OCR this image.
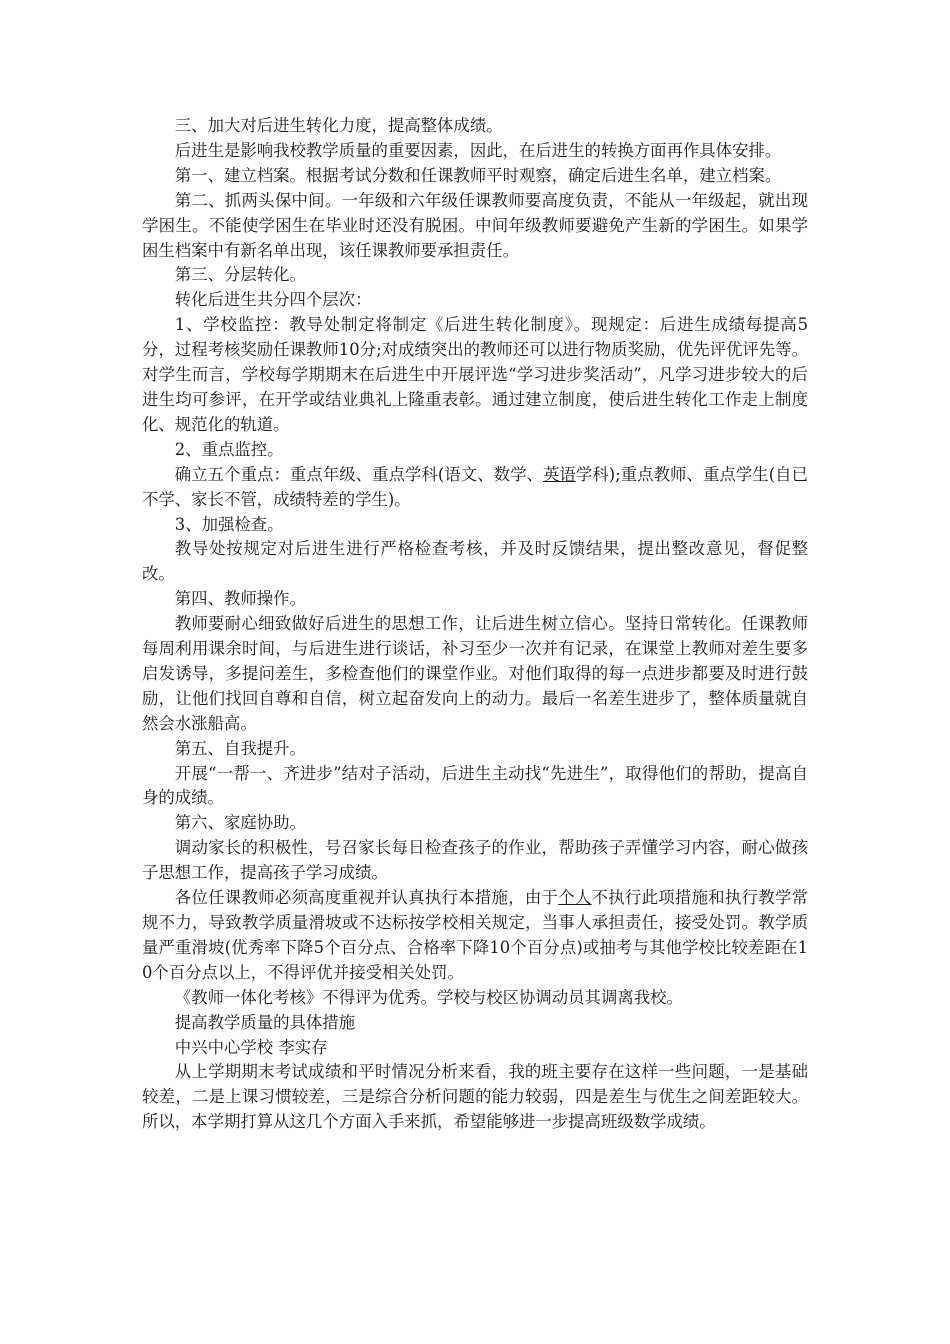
三、加大对后进生转化力度，提高整体成绩。

后进生是影响我校教学质量的重要因素，因此，在后进生的转换方面再作具体安排。

第一、建立档案。根据考试分数和任课教师平时观察，确定后进生名单，建立档案。

第二、抓两头保中间。一年级和六年级任课教师要高度负责，不能从一年级起，就出现学困生。不能使学困生在毕业时还没有脱困。中间年级教师要避免产生新的学困生。如果学困生档案中有新名单出现，该任课教师要承担责任。

第三、分层转化。

转化后进生共分四个层次：

1、学校监控：教导处制定将制定《后进生转化制度》。现规定：后进生成绩每提高5分，过程考核奖励任课教师10分;对成绩突出的教师还可以进行物质奖励，优先评优评先等。对学生而言，学校每学期期末在后进生中开展评选“学习进步奖活动”，凡学习进步较大的后进生均可参评，在开学或结业典礼上隆重表彰。通过建立制度，使后进生转化工作走上制度化、规范化的轨道。

2、重点监控。

确立五个重点：重点年级、重点学科(语文、数学、英语学科);重点教师、重点学生(自已不学、家长不管，成绩特差的学生)。

3、加强检查。

教导处按规定对后进生进行严格检查考核，并及时反馈结果，提出整改意见，督促整改。

第四、教师操作。

教师要耐心细致做好后进生的思想工作，让后进生树立信心。坚持日常转化。任课教师每周利用课余时间，与后进生进行谈话，补习至少一次并有记录，在课堂上教师对差生要多启发诱导，多提问差生，多检查他们的课堂作业。对他们取得的每一点进步都要及时进行鼓励，让他们找回自尊和自信，树立起奋发向上的动力。最后一名差生进步了，整体质量就自然会水涨船高。

第五、自我提升。

开展“一帮一、齐进步”结对子活动，后进生主动找“先进生”，取得他们的帮助，提高自身的成绩。

第六、家庭协助。

调动家长的积极性，号召家长每日检查孩子的作业，帮助孩子弄懂学习内容，耐心做孩子思想工作，提高孩子学习成绩。

各位任课教师必须高度重视并认真执行本措施，由于个人不执行此项措施和执行教学常规不力，导致教学质量滑坡或不达标按学校相关规定，当事人承担责任，接受处罚。教学质量严重滑坡(优秀率下降5个百分点、合格率下降10个百分点)或抽考与其他学校比较差距在10个百分点以上，不得评优并接受相关处罚。

《教师一体化考核》不得评为优秀。学校与校区协调动员其调离我校。

提高教学质量的具体措施

中兴中心学校 李实存

从上学期期末考试成绩和平时情况分析来看，我的班主要存在这样一些问题，一是基础较差，二是上课习惯较差，三是综合分析问题的能力较弱，四是差生与优生之间差距较大。所以，本学期打算从这几个方面入手来抓，希望能够进一步提高班级数学成绩。
